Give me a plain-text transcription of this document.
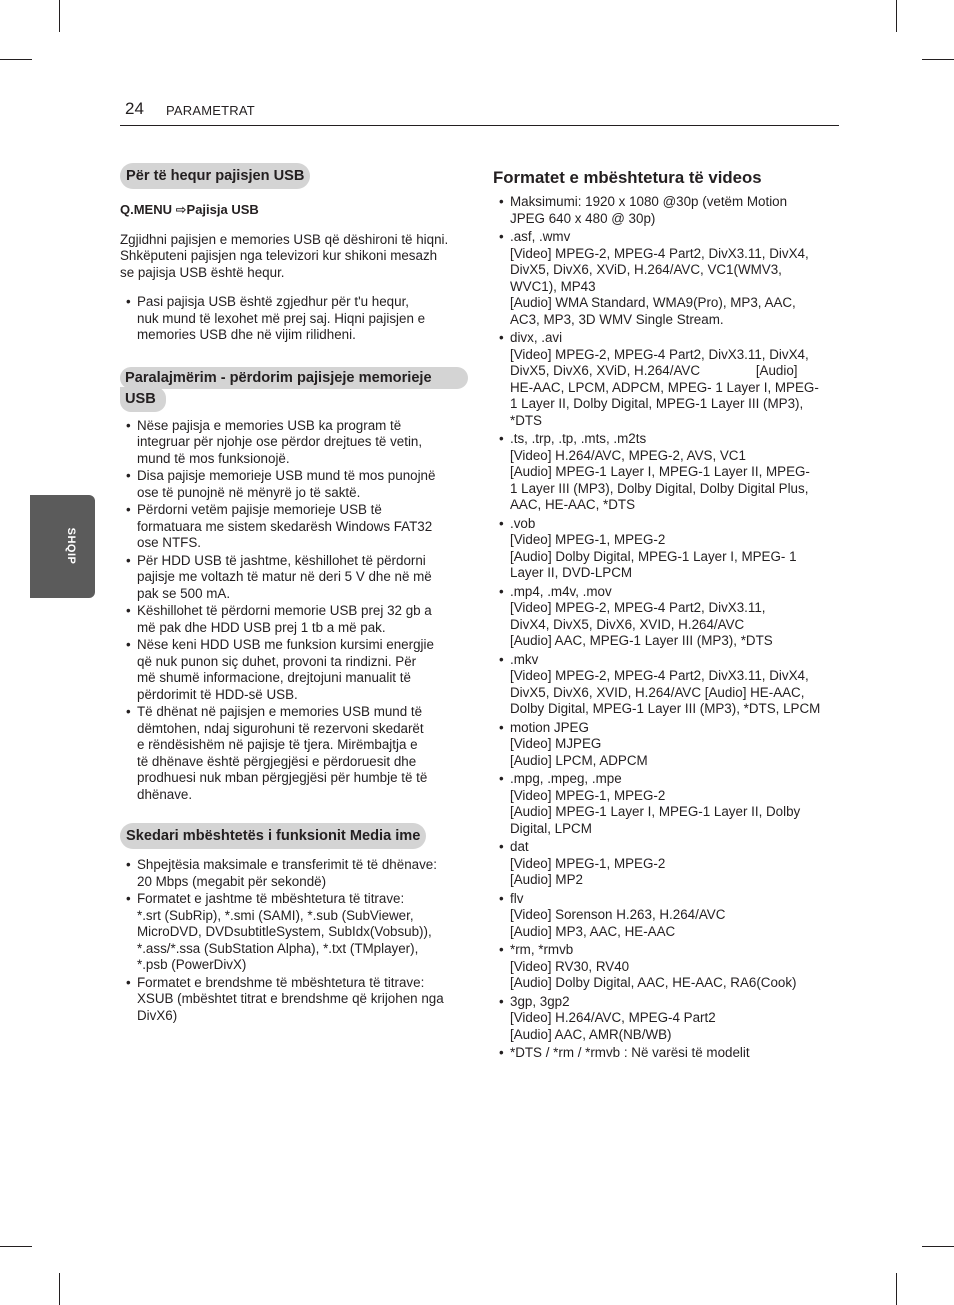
24 PARAMETRAT
SHQIP
Për të hequr pajisjen USB
Q.MENU ⇨Pajisja USB
Zgjidhni pajisjen e memories USB që dëshironi të hiqni.
Shkëputeni pajisjen nga televizori kur shikoni mesazh
se pajisja USB është hequr.
• Pasi pajisja USB është zgjedhur për t'u hequr,
nuk mund të lexohet më prej saj. Hiqni pajisjen e
memories USB dhe në vijim rilidheni.
Paralajmërim - përdorim pajisjeje memorieje
USB
• Nëse pajisja e memories USB ka program të
integruar për njohje ose përdor drejtues të vetin,
mund të mos funksionojë.
• Disa pajisje memorieje USB mund të mos punojnë
ose të punojnë në mënyrë jo të saktë.
• Përdorni vetëm pajisje memorieje USB të
formatuara me sistem skedarësh Windows FAT32
ose NTFS.
• Për HDD USB të jashtme, këshillohet të përdorni
pajisje me voltazh të matur në deri 5 V dhe në më
pak se 500 mA.
• Këshillohet të përdorni memorie USB prej 32 gb a
më pak dhe HDD USB prej 1 tb a më pak.
• Nëse keni HDD USB me funksion kursimi energjie
që nuk punon siç duhet, provoni ta rindizni. Për
më shumë informacione, drejtojuni manualit të
përdorimit të HDD-së USB.
• Të dhënat në pajisjen e memories USB mund të
dëmtohen, ndaj sigurohuni të rezervoni skedarët
e rëndësishëm në pajisje të tjera. Mirëmbajtja e
të dhënave është përgjegjësi e përdoruesit dhe
prodhuesi nuk mban përgjegjësi për humbje të të
dhënave.
Skedari mbështetës i funksionit Media ime
• Shpejtësia maksimale e transferimit të të dhënave:
20 Mbps (megabit për sekondë)
• Formatet e jashtme të mbështetura të titrave:
*.srt (SubRip), *.smi (SAMI), *.sub (SubViewer,
MicroDVD, DVDsubtitleSystem, SubIdx(Vobsub)),
*.ass/*.ssa (SubStation Alpha), *.txt (TMplayer),
*.psb (PowerDivX)
• Formatet e brendshme të mbështetura të titrave:
XSUB (mbështet titrat e brendshme që krijohen nga
DivX6)
Formatet e mbështetura të videos
• Maksimumi: 1920 x 1080 @30p (vetëm Motion
JPEG 640 x 480 @ 30p)
• .asf, .wmv
[Video] MPEG-2, MPEG-4 Part2, DivX3.11, DivX4,
DivX5, DivX6, XViD, H.264/AVC, VC1(WMV3,
WVC1), MP43
[Audio] WMA Standard, WMA9(Pro), MP3, AAC,
AC3, MP3, 3D WMV Single Stream.
• divx, .avi
[Video] MPEG-2, MPEG-4 Part2, DivX3.11, DivX4,
DivX5, DivX6, XViD, H.264/AVC               [Audio]
HE-AAC, LPCM, ADPCM, MPEG- 1 Layer I, MPEG-
1 Layer II, Dolby Digital, MPEG-1 Layer III (MP3),
*DTS
• .ts, .trp, .tp, .mts, .m2ts
[Video] H.264/AVC, MPEG-2, AVS, VC1
[Audio] MPEG-1 Layer I, MPEG-1 Layer II, MPEG-
1 Layer III (MP3), Dolby Digital, Dolby Digital Plus,
AAC, HE-AAC, *DTS
• .vob
[Video] MPEG-1, MPEG-2
[Audio] Dolby Digital, MPEG-1 Layer I, MPEG- 1
Layer II, DVD-LPCM
• .mp4, .m4v, .mov
[Video] MPEG-2, MPEG-4 Part2, DivX3.11,
DivX4, DivX5, DivX6, XVID, H.264/AVC
[Audio] AAC, MPEG-1 Layer III (MP3), *DTS
• .mkv
[Video] MPEG-2, MPEG-4 Part2, DivX3.11, DivX4,
DivX5, DivX6, XVID, H.264/AVC [Audio] HE-AAC,
Dolby Digital, MPEG-1 Layer III (MP3), *DTS, LPCM
• motion JPEG
[Video] MJPEG
[Audio] LPCM, ADPCM
• .mpg, .mpeg, .mpe
[Video] MPEG-1, MPEG-2
[Audio] MPEG-1 Layer I, MPEG-1 Layer II, Dolby
Digital, LPCM
• dat
[Video] MPEG-1, MPEG-2
[Audio] MP2
• flv
[Video] Sorenson H.263, H.264/AVC
[Audio] MP3, AAC, HE-AAC
• *rm, *rmvb
[Video] RV30, RV40
[Audio] Dolby Digital, AAC, HE-AAC, RA6(Cook)
• 3gp, 3gp2
[Video] H.264/AVC, MPEG-4 Part2
[Audio] AAC, AMR(NB/WB)
• *DTS / *rm / *rmvb : Në varësi të modelit
